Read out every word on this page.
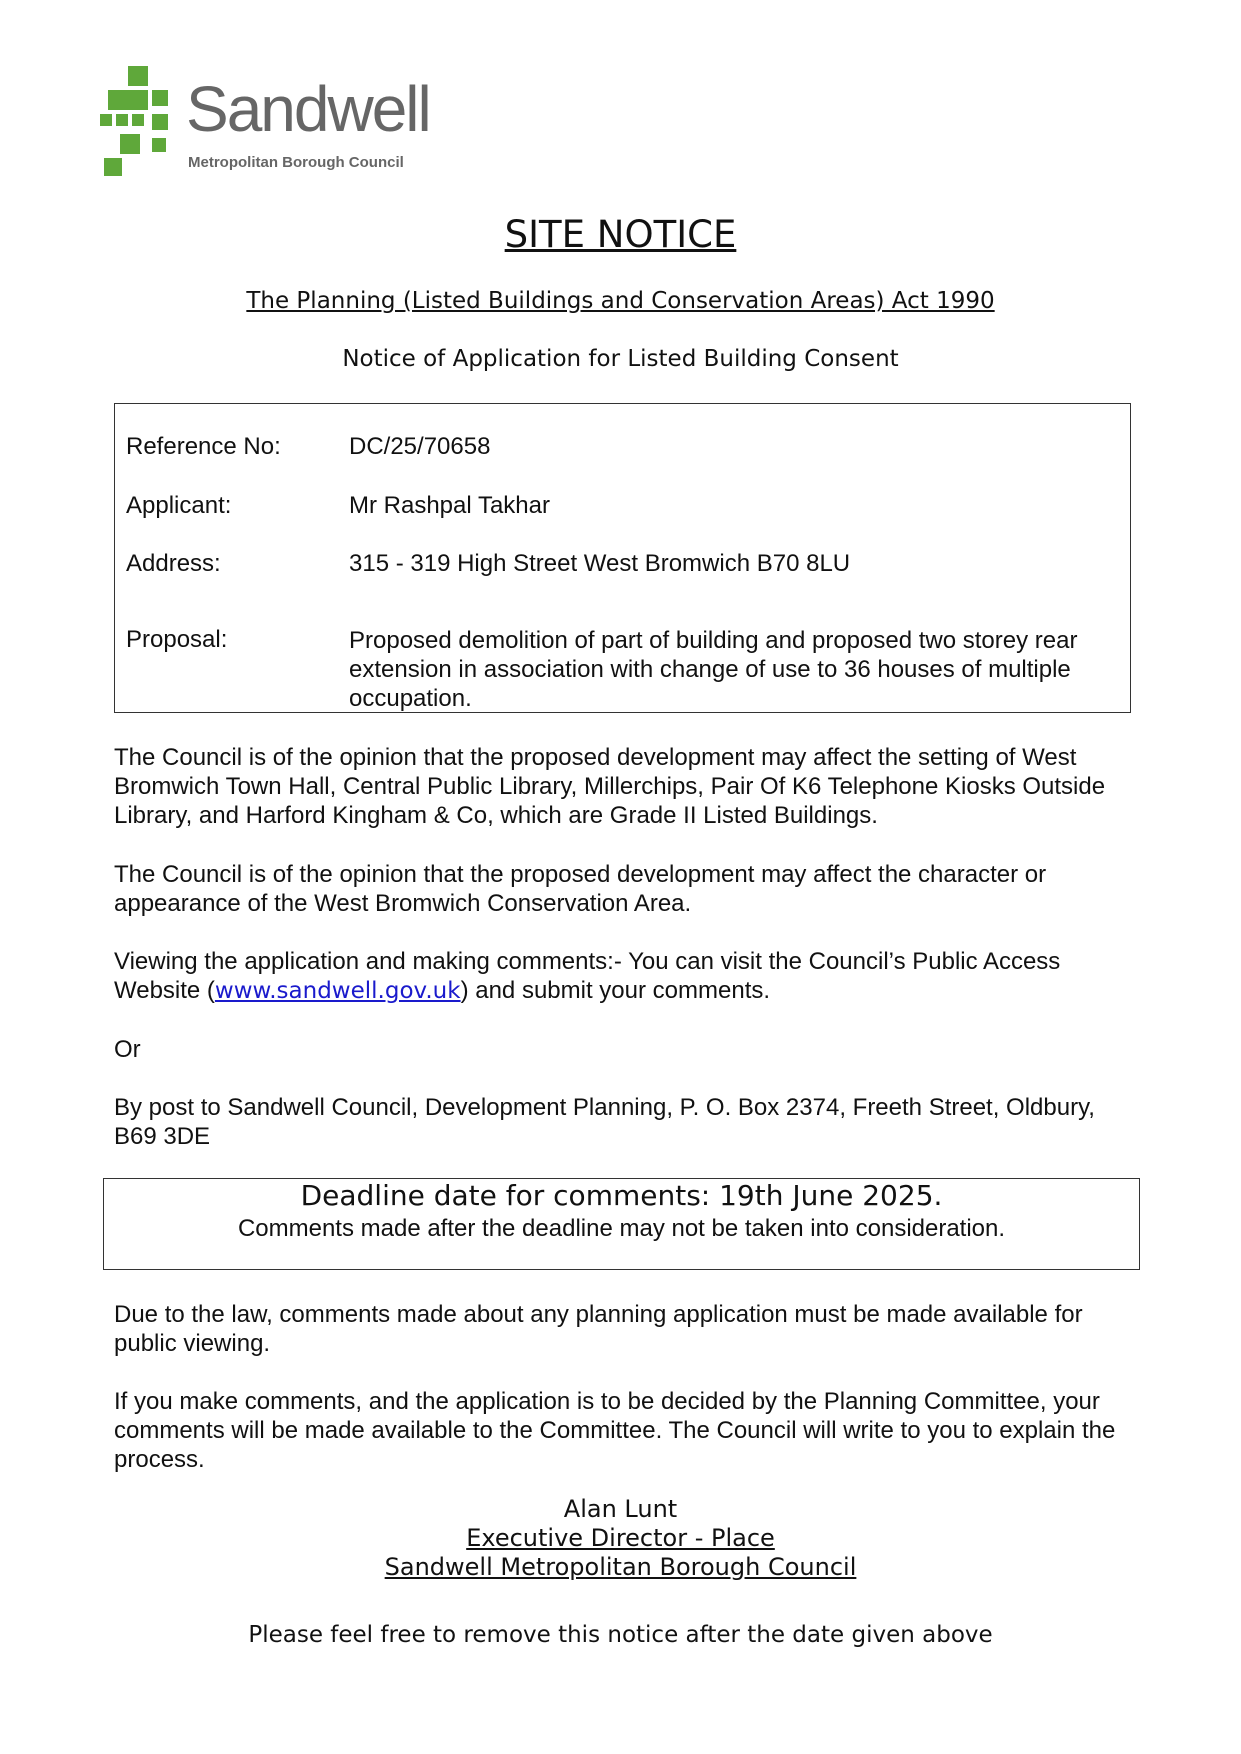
Sandwell
Metropolitan Borough Council
SITE NOTICE
The Planning (Listed Buildings and Conservation Areas) Act 1990
Notice of Application for Listed Building Consent
Reference No:	DC/25/70658
Applicant:	Mr Rashpal Takhar
Address:	315 - 319 High Street West Bromwich B70 8LU
Proposal:	Proposed demolition of part of building and proposed two storey rear extension in association with change of use to 36 houses of multiple occupation.
The Council is of the opinion that the proposed development may affect the setting of West Bromwich Town Hall, Central Public Library, Millerchips, Pair Of K6 Telephone Kiosks Outside Library, and Harford Kingham & Co, which are Grade II Listed Buildings.
The Council is of the opinion that the proposed development may affect the character or appearance of the West Bromwich Conservation Area.
Viewing the application and making comments:- You can visit the Council’s Public Access Website (www.sandwell.gov.uk) and submit your comments.
Or
By post to Sandwell Council, Development Planning, P. O. Box 2374, Freeth Street, Oldbury, B69 3DE
Deadline date for comments: 19th June 2025.
Comments made after the deadline may not be taken into consideration.
Due to the law, comments made about any planning application must be made available for public viewing.
If you make comments, and the application is to be decided by the Planning Committee, your comments will be made available to the Committee. The Council will write to you to explain the process.
Alan Lunt
Executive Director - Place
Sandwell Metropolitan Borough Council
Please feel free to remove this notice after the date given above
